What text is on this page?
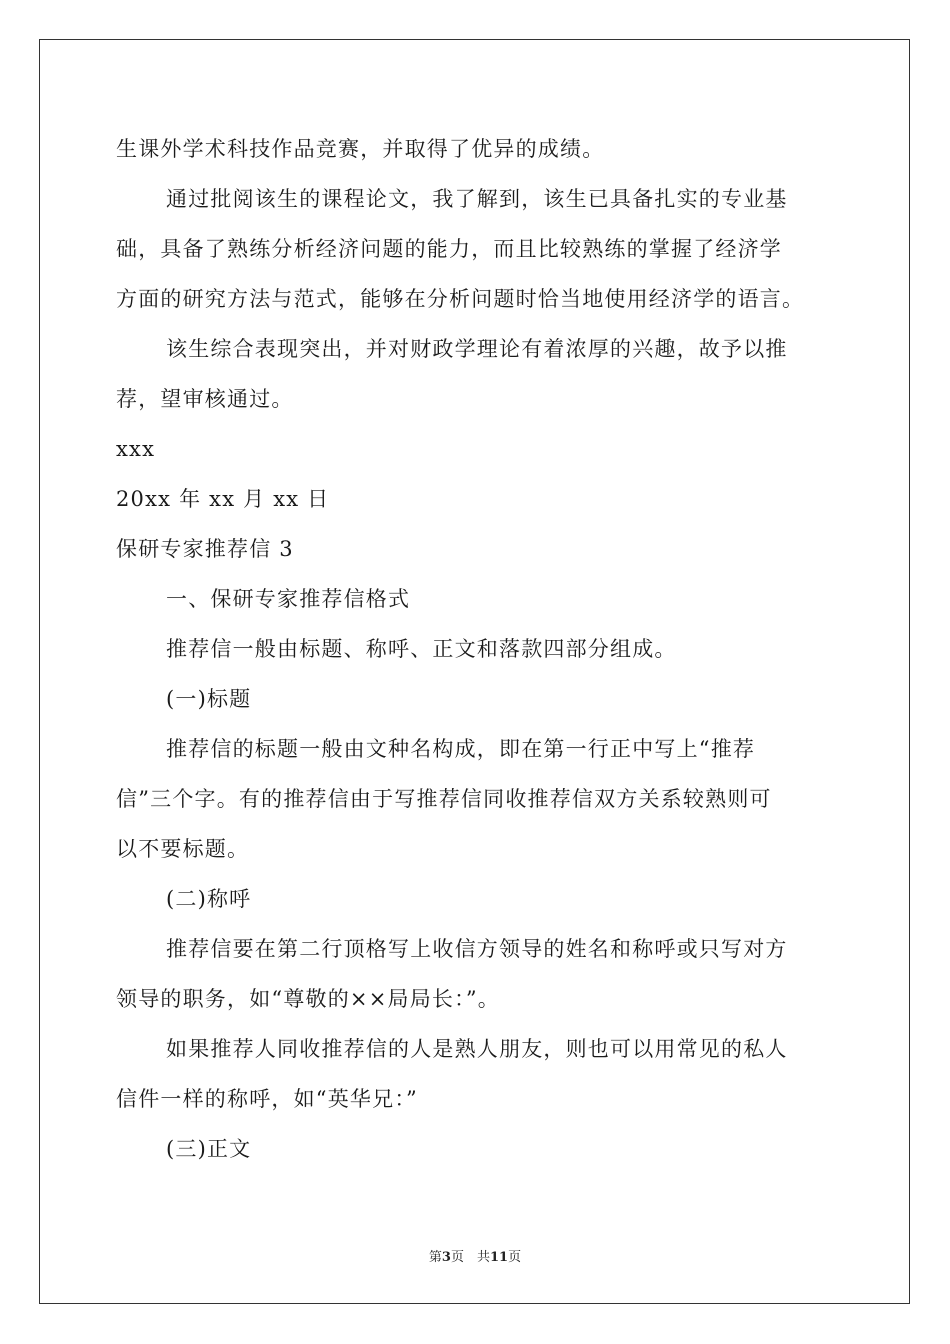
生课外学术科技作品竞赛，并取得了优异的成绩。
通过批阅该生的课程论文，我了解到，该生已具备扎实的专业基
础，具备了熟练分析经济问题的能力，而且比较熟练的掌握了经济学
方面的研究方法与范式，能够在分析问题时恰当地使用经济学的语言。
该生综合表现突出，并对财政学理论有着浓厚的兴趣，故予以推
荐，望审核通过。
xxx
20xx 年 xx 月 xx 日
保研专家推荐信 3
一、保研专家推荐信格式
推荐信一般由标题、称呼、正文和落款四部分组成。
(一)标题
推荐信的标题一般由文种名构成，即在第一行正中写上“推荐
信”三个字。有的推荐信由于写推荐信同收推荐信双方关系较熟则可
以不要标题。
(二)称呼
推荐信要在第二行顶格写上收信方领导的姓名和称呼或只写对方
领导的职务，如“尊敬的××局局长：”。
如果推荐人同收推荐信的人是熟人朋友，则也可以用常见的私人
信件一样的称呼，如“英华兄：”
(三)正文
第3页　共11页
